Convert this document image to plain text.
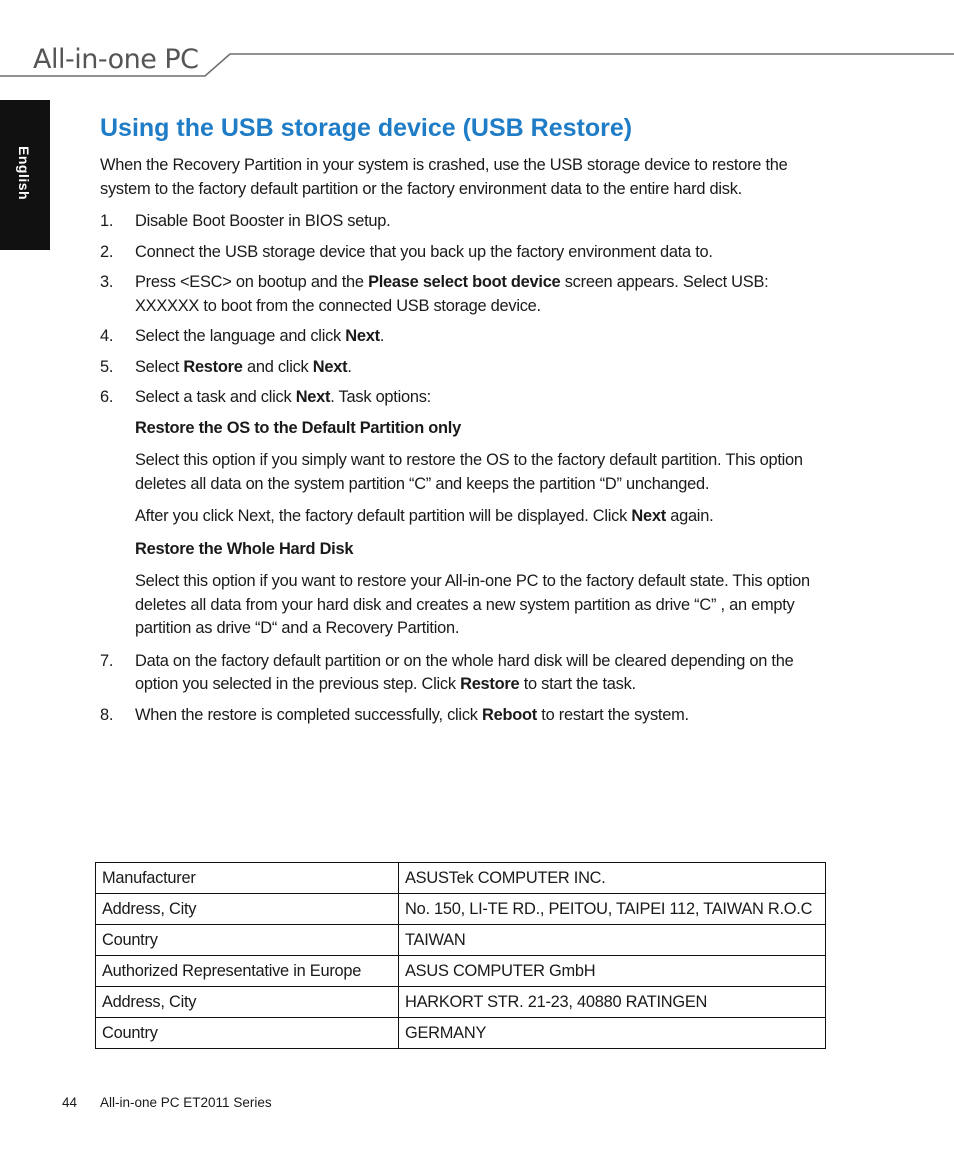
All-in-one PC
English
Using the USB storage device (USB Restore)

When the Recovery Partition in your system is crashed, use the USB storage device to restore the system to the factory default partition or the factory environment data to the entire hard disk.

1. Disable Boot Booster in BIOS setup.
2. Connect the USB storage device that you back up the factory environment data to.
3. Press <ESC> on bootup and the Please select boot device screen appears. Select USB: XXXXXX to boot from the connected USB storage device.
4. Select the language and click Next.
5. Select Restore and click Next.
6. Select a task and click Next. Task options:
Restore the OS to the Default Partition only

Select this option if you simply want to restore the OS to the factory default partition. This option deletes all data on the system partition “C” and keeps the partition “D” unchanged.

After you click Next, the factory default partition will be displayed. Click Next again.

Restore the Whole Hard Disk

Select this option if you want to restore your All-in-one PC to the factory default state. This option deletes all data from your hard disk and creates a new system partition as drive “C” , an empty partition as drive “D“ and a Recovery Partition.

7. Data on the factory default partition or on the whole hard disk will be cleared depending on the option you selected in the previous step. Click Restore to start the task.
8. When the restore is completed successfully, click Reboot to restart the system.
Manufacturer	ASUSTek COMPUTER INC.
Address, City	No. 150, LI-TE RD., PEITOU, TAIPEI 112, TAIWAN R.O.C
Country	TAIWAN
Authorized Representative in Europe	ASUS COMPUTER GmbH
Address, City	HARKORT STR. 21-23, 40880 RATINGEN
Country	GERMANY
44 All-in-one PC ET2011 Series
